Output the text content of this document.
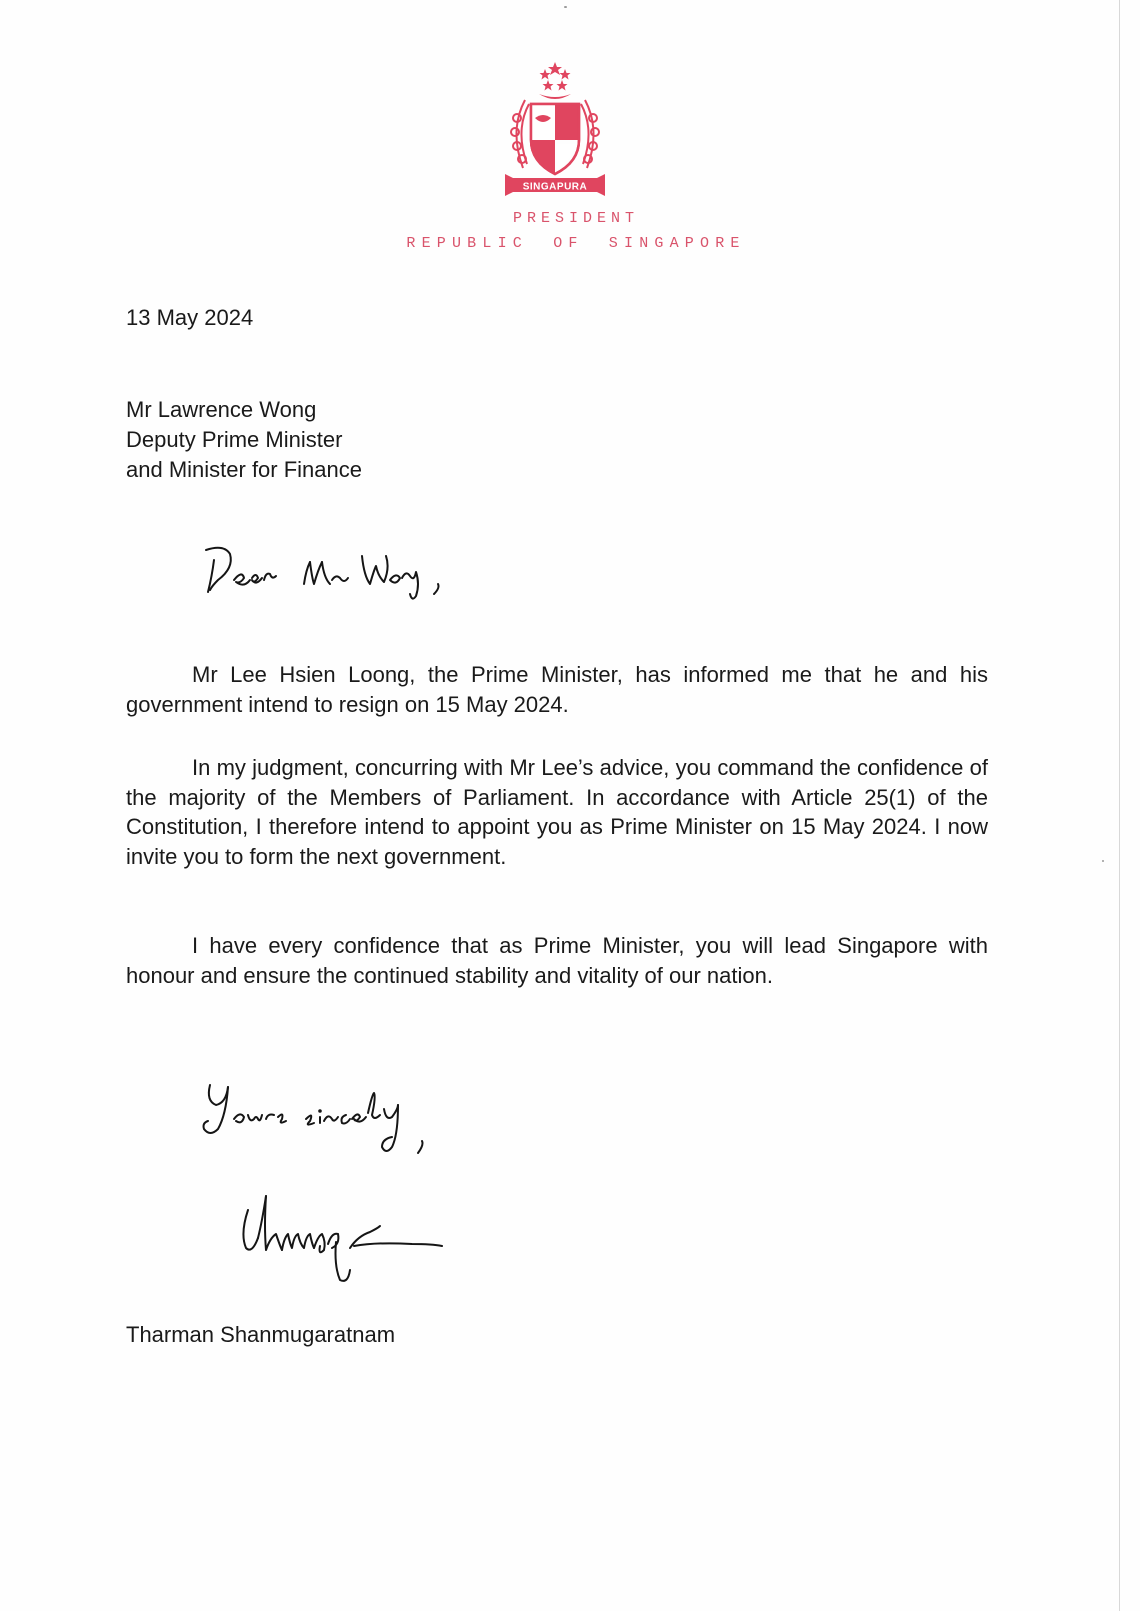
SINGAPURA
PRESIDENT
REPUBLIC OF SINGAPORE
13 May 2024
Mr Lawrence Wong
Deputy Prime Minister
and Minister for Finance

Mr Lee Hsien Loong, the Prime Minister, has informed me that he and his government intend to resign on 15 May 2024.

In my judgment, concurring with Mr Lee’s advice, you command the confidence of the majority of the Members of Parliament. In accordance with Article 25(1) of the Constitution, I therefore intend to appoint you as Prime Minister on 15 May 2024. I now invite you to form the next government.

I have every confidence that as Prime Minister, you will lead Singapore with honour and ensure the continued stability and vitality of our nation.

Tharman Shanmugaratnam
